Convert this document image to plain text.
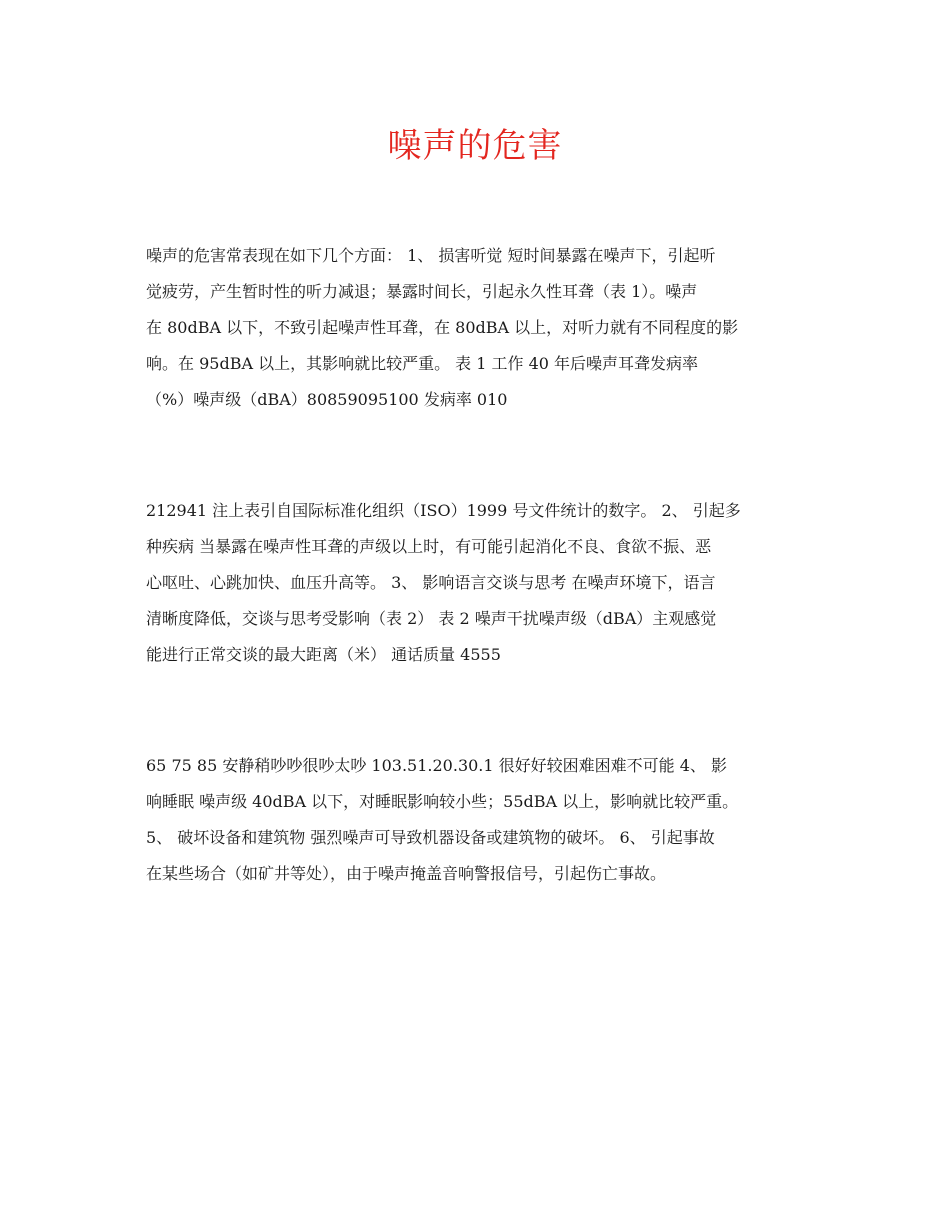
噪声的危害
噪声的危害常表现在如下几个方面： 1、 损害听觉 短时间暴露在噪声下，引起听
觉疲劳，产生暂时性的听力减退；暴露时间长，引起永久性耳聋（表 1）。噪声
在 80dBA 以下，不致引起噪声性耳聋，在 80dBA 以上，对听力就有不同程度的影
响。在 95dBA 以上，其影响就比较严重。 表 1 工作 40 年后噪声耳聋发病率
（%）噪声级（dBA）80859095100 发病率 010
212941 注上表引自国际标准化组织（ISO）1999 号文件统计的数字。 2、 引起多
种疾病 当暴露在噪声性耳聋的声级以上时，有可能引起消化不良、食欲不振、恶
心呕吐、心跳加快、血压升高等。 3、 影响语言交谈与思考 在噪声环境下，语言
清晰度降低，交谈与思考受影响（表 2） 表 2 噪声干扰噪声级（dBA）主观感觉
能进行正常交谈的最大距离（米） 通话质量 4555
65 75 85 安静稍吵吵很吵太吵 103.51.20.30.1 很好好较困难困难不可能 4、 影
响睡眠 噪声级 40dBA 以下，对睡眠影响较小些；55dBA 以上，影响就比较严重。
5、 破坏设备和建筑物 强烈噪声可导致机器设备或建筑物的破坏。 6、 引起事故
在某些场合（如矿井等处），由于噪声掩盖音响警报信号，引起伤亡事故。
